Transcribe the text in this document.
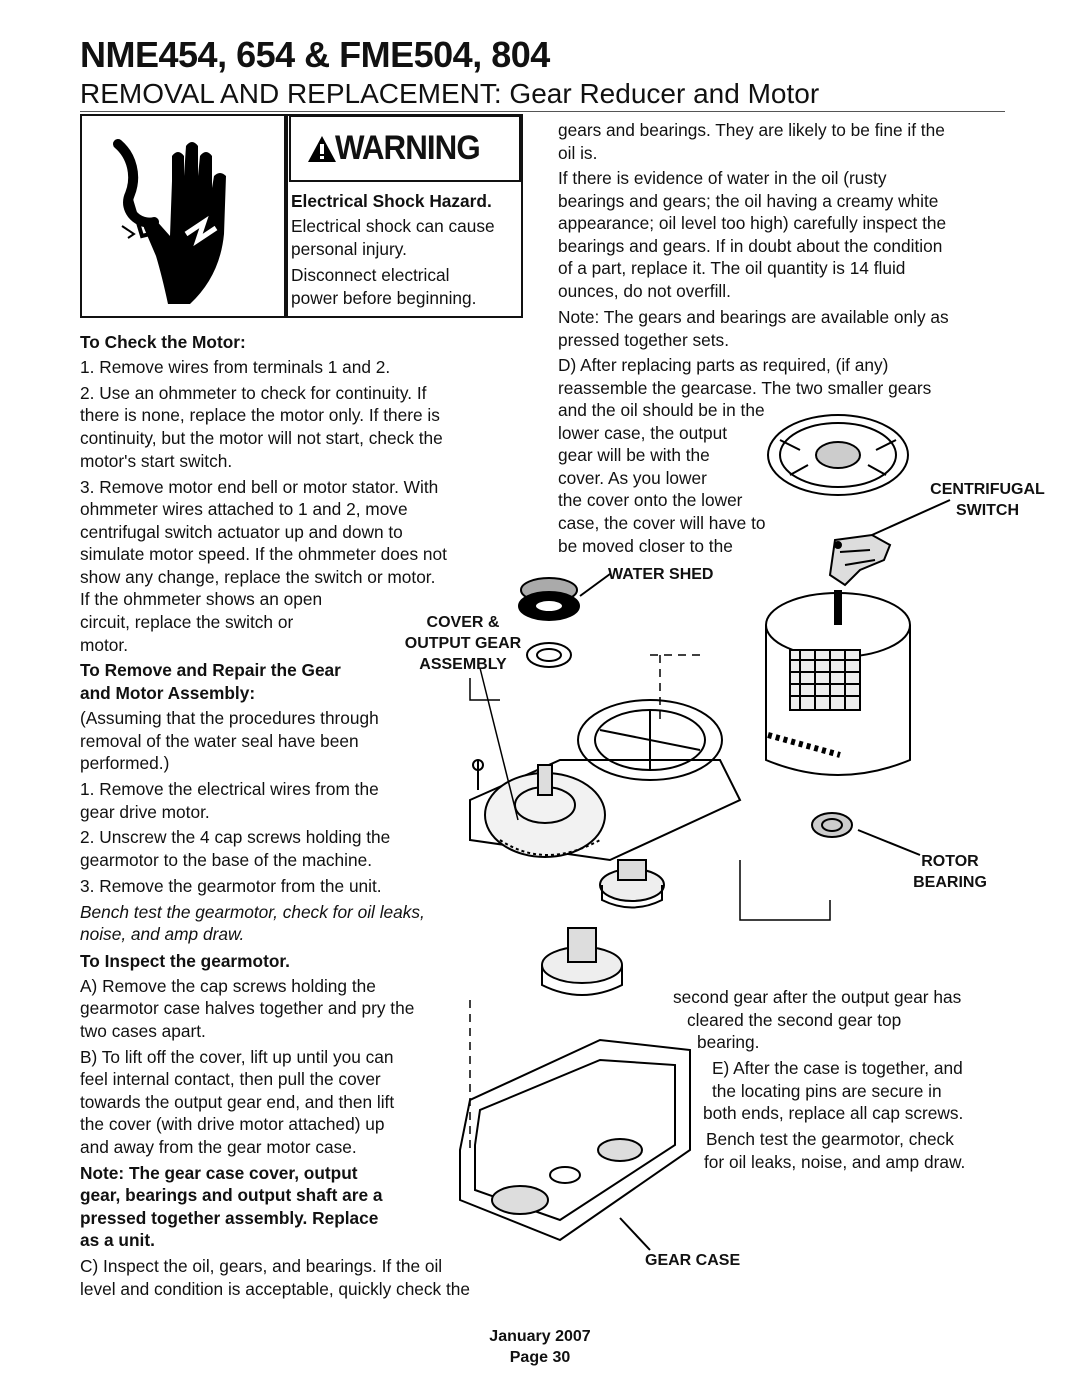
NME454, 654 & FME504, 804
REMOVAL AND REPLACEMENT: Gear Reducer and Motor
WARNING

Electrical Shock Hazard.

Electrical shock can cause

personal injury.

Disconnect electrical

power before beginning.

To Check the Motor:

1. Remove wires from terminals 1 and 2.

2. Use an ohmmeter to check for continuity. If

there is none, replace the motor only. If there is

continuity, but the motor will not start, check the

motor's start switch.

3. Remove motor end bell or motor stator. With

ohmmeter wires attached to 1 and 2, move

centrifugal switch actuator up and down to

simulate motor speed. If the ohmmeter does not

show any change, replace the switch or motor.

If the ohmmeter shows an open

circuit, replace the switch or

motor.

To Remove and Repair the Gear

and Motor Assembly:

(Assuming that the procedures through

removal of the water seal have been

performed.)

1. Remove the electrical wires from the

gear drive motor.

2. Unscrew the 4 cap screws holding the

gearmotor to the base of the machine.

3. Remove the gearmotor from the unit.

Bench test the gearmotor, check for oil leaks,

noise, and amp draw.

To Inspect the gearmotor.

A) Remove the cap screws holding the

gearmotor case halves together and pry the

two cases apart.

B) To lift off the cover, lift up until you can

feel internal contact, then pull the cover

towards the output gear end, and then lift

the cover (with drive motor attached) up

and away from the gear motor case.

Note: The gear case cover, output

gear, bearings and output shaft are a

pressed together assembly. Replace

as a unit.

C) Inspect the oil, gears, and bearings. If the oil

level and condition is acceptable, quickly check the

gears and bearings. They are likely to be fine if the

oil is.

If there is evidence of water in the oil (rusty

bearings and gears; the oil having a creamy white

appearance; oil level too high) carefully inspect the

bearings and gears. If in doubt about the condition

of a part, replace it. The oil quantity is 14 fluid

ounces, do not overfill.

Note: The gears and bearings are available only as

pressed together sets.

D) After replacing parts as required, (if any)

reassemble the gearcase. The two smaller gears

and the oil should be in the

lower case, the output

gear will be with the

cover. As you lower

the cover onto the lower

case, the cover will have to

be moved closer to the

second gear after the output gear has

cleared the second gear top

bearing.

E) After the case is together, and

the locating pins are secure in

both ends, replace all cap screws.

Bench test the gearmotor, check

for oil leaks, noise, and amp draw.

CENTRIFUGAL
SWITCH
WATER SHED
COVER &
OUTPUT GEAR
ASSEMBLY
ROTOR
BEARING
GEAR CASE
January 2007
Page 30
